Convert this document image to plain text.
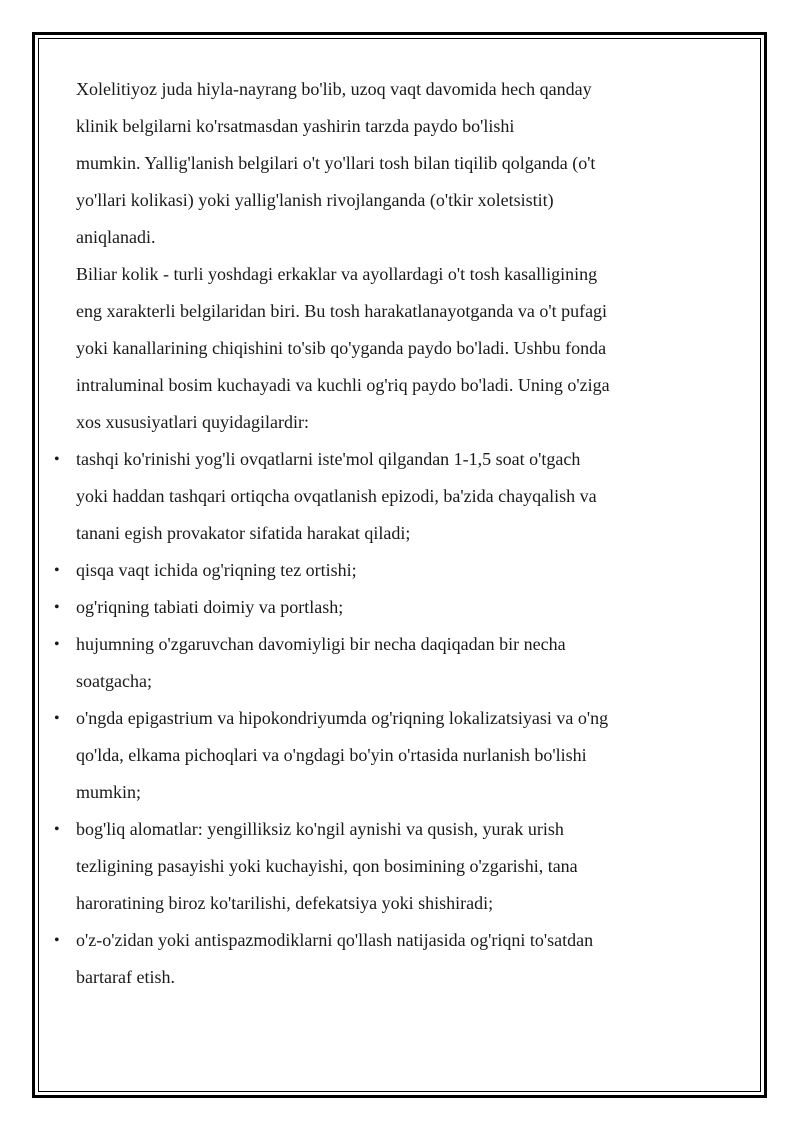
Xolelitiyoz juda hiyla-nayrang bo'lib, uzoq vaqt davomida hech qanday
klinik belgilarni ko'rsatmasdan yashirin tarzda paydo bo'lishi
mumkin. Yallig'lanish belgilari o't yo'llari tosh bilan tiqilib qolganda (o't
yo'llari kolikasi) yoki yallig'lanish rivojlanganda (o'tkir xoletsistit)
aniqlanadi.

Biliar kolik - turli yoshdagi erkaklar va ayollardagi o't tosh kasalligining
eng xarakterli belgilaridan biri. Bu tosh harakatlanayotganda va o't pufagi
yoki kanallarining chiqishini to'sib qo'yganda paydo bo'ladi. Ushbu fonda
intraluminal bosim kuchayadi va kuchli og'riq paydo bo'ladi. Uning o'ziga
xos xususiyatlari quyidagilardir:

• tashqi ko'rinishi yog'li ovqatlarni iste'mol qilgandan 1-1,5 soat o'tgach
yoki haddan tashqari ortiqcha ovqatlanish epizodi, ba'zida chayqalish va
tanani egish provakator sifatida harakat qiladi;
• qisqa vaqt ichida og'riqning tez ortishi;
• og'riqning tabiati doimiy va portlash;
• hujumning o'zgaruvchan davomiyligi bir necha daqiqadan bir necha
soatgacha;
• o'ngda epigastrium va hipokondriyumda og'riqning lokalizatsiyasi va o'ng
qo'lda, elkama pichoqlari va o'ngdagi bo'yin o'rtasida nurlanish bo'lishi
mumkin;
• bog'liq alomatlar: yengilliksiz ko'ngil aynishi va qusish, yurak urish
tezligining pasayishi yoki kuchayishi, qon bosimining o'zgarishi, tana
haroratining biroz ko'tarilishi, defekatsiya yoki shishiradi;
• o'z-o'zidan yoki antispazmodiklarni qo'llash natijasida og'riqni to'satdan
bartaraf etish.
